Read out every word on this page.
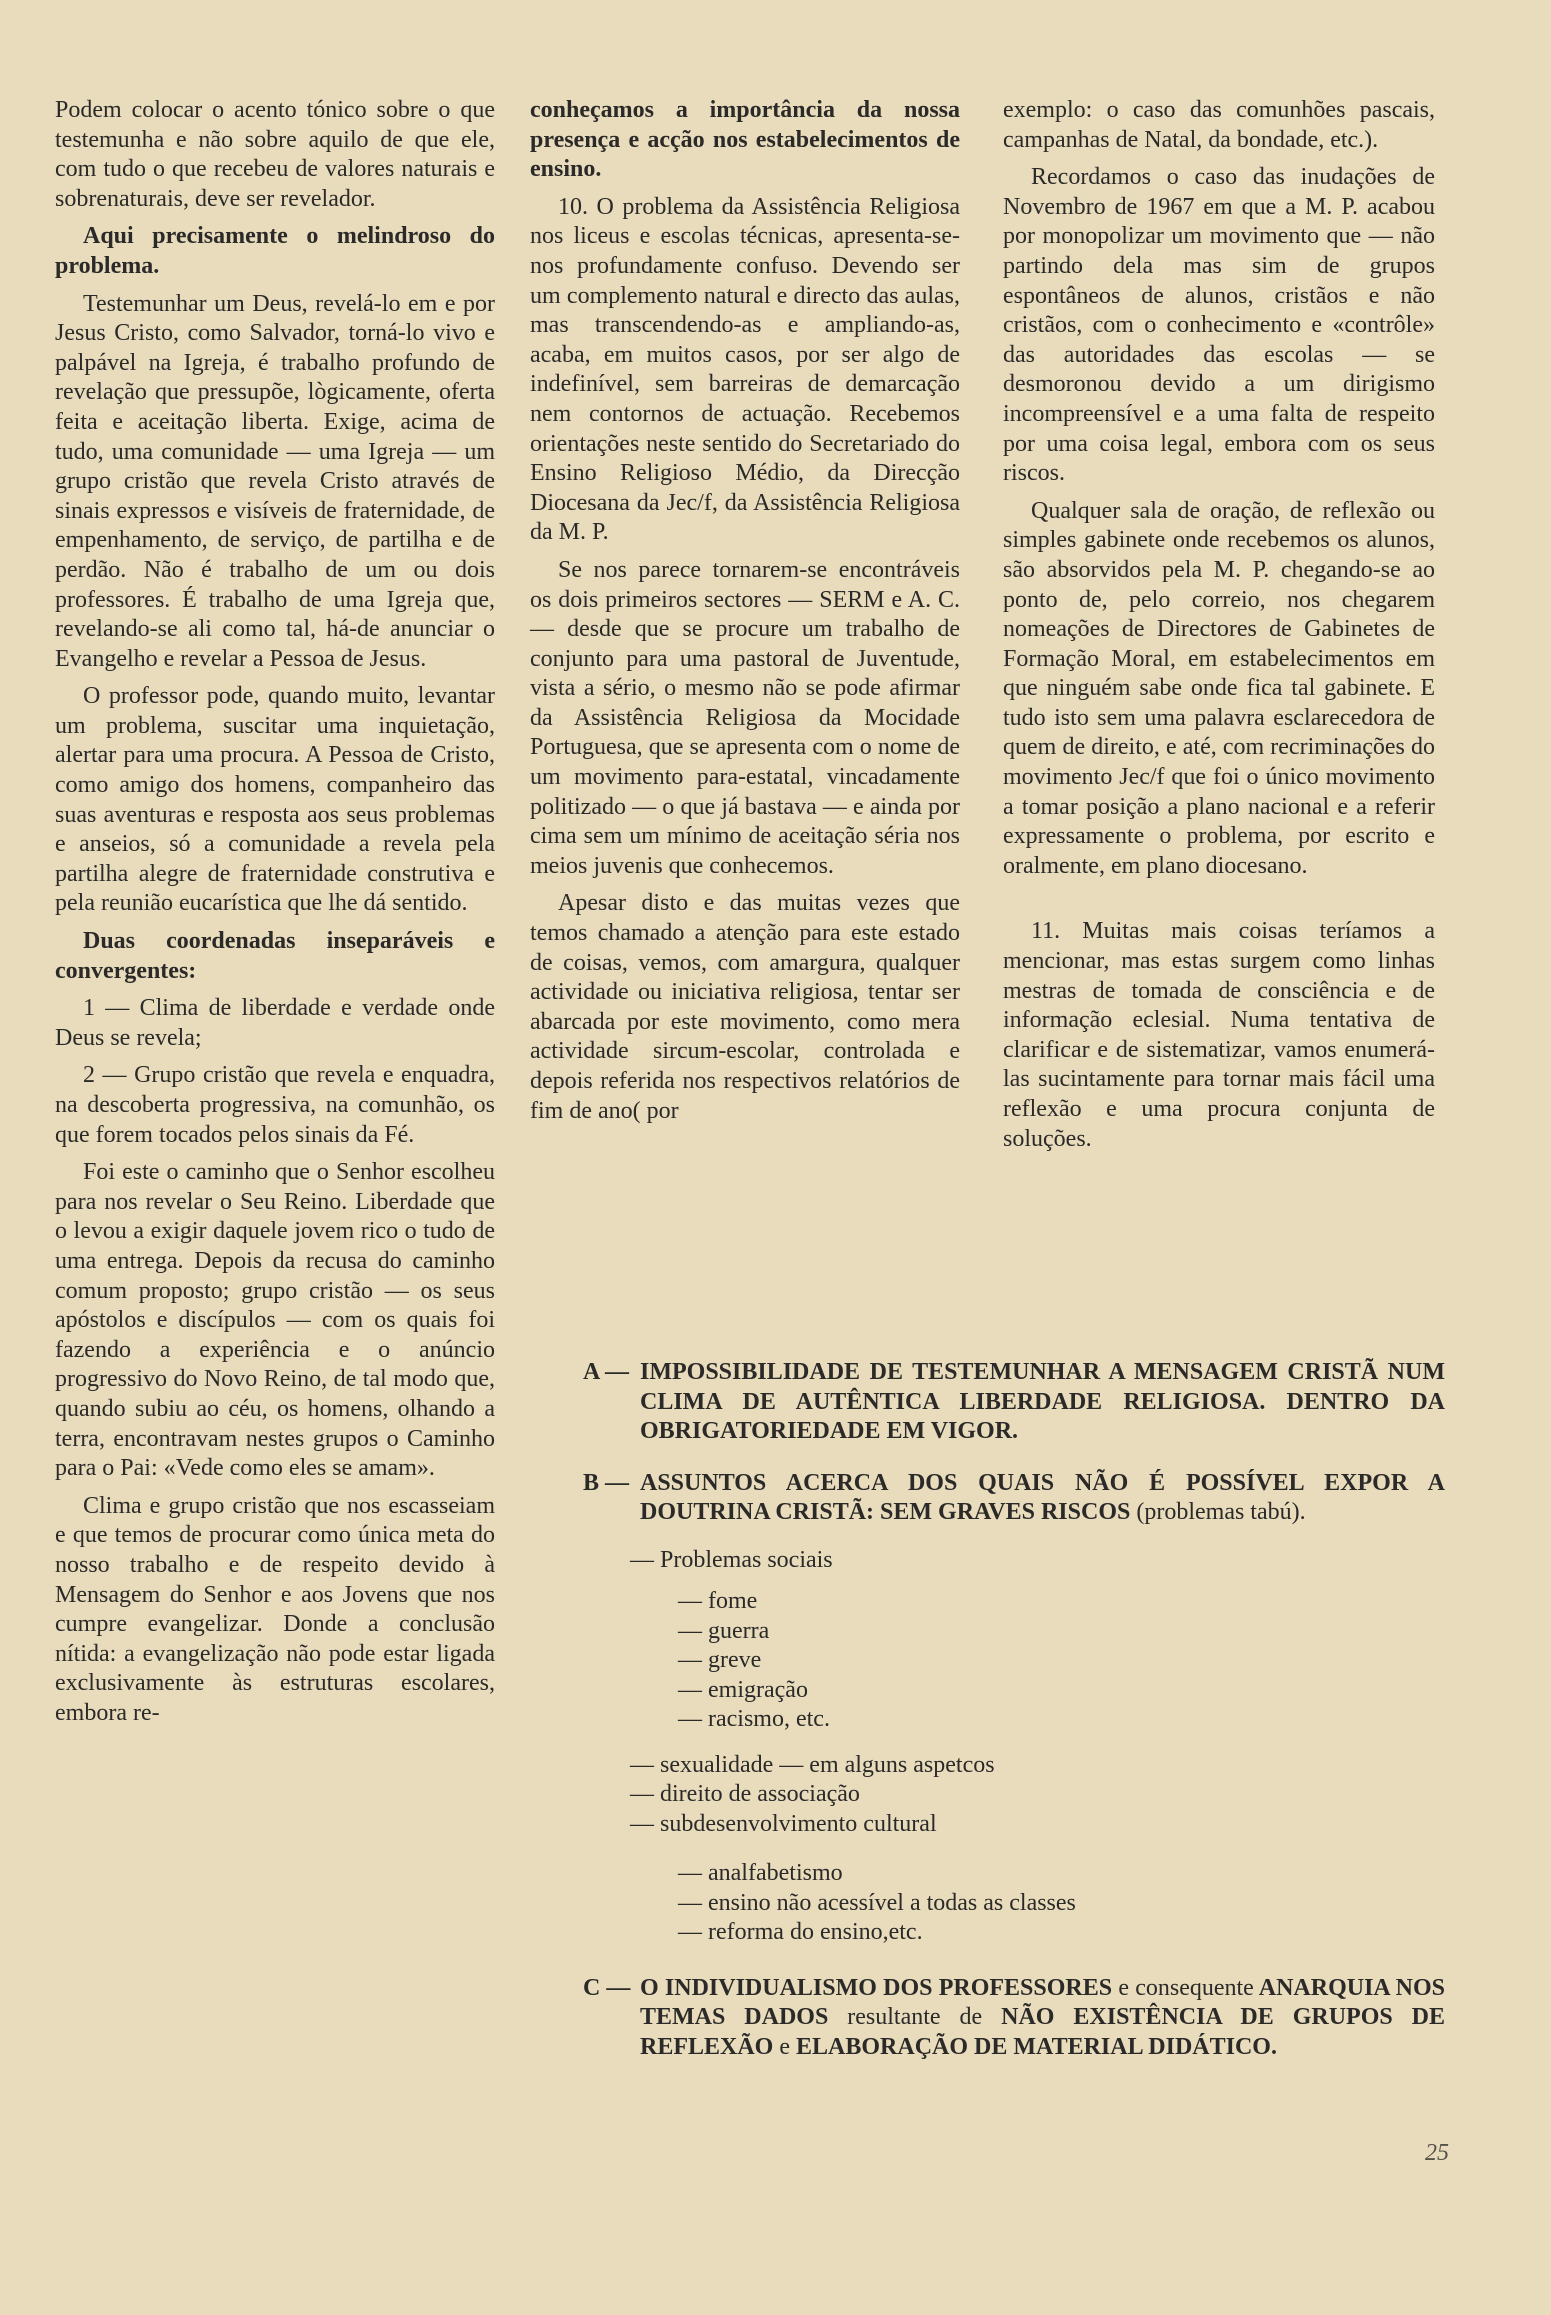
Podem colocar o acento tónico sobre o que testemunha e não sobre aquilo de que ele, com tudo o que recebeu de valores naturais e sobrenaturais, deve ser revelador.

Aqui precisamente o melindroso do problema.

Testemunhar um Deus, revelá-lo em e por Jesus Cristo, como Salvador, torná-lo vivo e palpável na Igreja, é trabalho profundo de revelação que pressupõe, lògicamente, oferta feita e aceitação liberta. Exige, acima de tudo, uma comunidade — uma Igreja — um grupo cristão que revela Cristo através de sinais expressos e visíveis de fraternidade, de empenhamento, de serviço, de partilha e de perdão. Não é trabalho de um ou dois professores. É trabalho de uma Igreja que, revelando-se ali como tal, há-de anunciar o Evangelho e revelar a Pessoa de Jesus.

O professor pode, quando muito, levantar um problema, suscitar uma inquietação, alertar para uma procura. A Pessoa de Cristo, como amigo dos homens, companheiro das suas aventuras e resposta aos seus problemas e anseios, só a comunidade a revela pela partilha alegre de fraternidade construtiva e pela reunião eucarística que lhe dá sentido.

Duas coordenadas inseparáveis e convergentes:

1 — Clima de liberdade e verdade onde Deus se revela;

2 — Grupo cristão que revela e enquadra, na descoberta progressiva, na comunhão, os que forem tocados pelos sinais da Fé.

Foi este o caminho que o Senhor escolheu para nos revelar o Seu Reino. Liberdade que o levou a exigir daquele jovem rico o tudo de uma entrega. Depois da recusa do caminho comum proposto; grupo cristão — os seus apóstolos e discípulos — com os quais foi fazendo a experiência e o anúncio progressivo do Novo Reino, de tal modo que, quando subiu ao céu, os homens, olhando a terra, encontravam nestes grupos o Caminho para o Pai: «Vede como eles se amam».

Clima e grupo cristão que nos escasseiam e que temos de procurar como única meta do nosso trabalho e de respeito devido à Mensagem do Senhor e aos Jovens que nos cumpre evangelizar. Donde a conclusão nítida: a evangelização não pode estar ligada exclusivamente às estruturas escolares, embora re-

conheçamos a importância da nossa presença e acção nos estabelecimentos de ensino.

10. O problema da Assistência Religiosa nos liceus e escolas técnicas, apresenta-se-nos profundamente confuso. Devendo ser um complemento natural e directo das aulas, mas transcendendo-as e ampliando-as, acaba, em muitos casos, por ser algo de indefinível, sem barreiras de demarcação nem contornos de actuação. Recebemos orientações neste sentido do Secretariado do Ensino Religioso Médio, da Direcção Diocesana da Jec/f, da Assistência Religiosa da M. P.

Se nos parece tornarem-se encontráveis os dois primeiros sectores — SERM e A. C. — desde que se procure um trabalho de conjunto para uma pastoral de Juventude, vista a sério, o mesmo não se pode afirmar da Assistência Religiosa da Mocidade Portuguesa, que se apresenta com o nome de um movimento para-estatal, vincadamente politizado — o que já bastava — e ainda por cima sem um mínimo de aceitação séria nos meios juvenis que conhecemos.

Apesar disto e das muitas vezes que temos chamado a atenção para este estado de coisas, vemos, com amargura, qualquer actividade ou iniciativa religiosa, tentar ser abarcada por este movimento, como mera actividade sircum-escolar, controlada e depois referida nos respectivos relatórios de fim de ano( por

exemplo: o caso das comunhões pascais, campanhas de Natal, da bondade, etc.).

Recordamos o caso das inudações de Novembro de 1967 em que a M. P. acabou por monopolizar um movimento que — não partindo dela mas sim de grupos espontâneos de alunos, cristãos e não cristãos, com o conhecimento e «contrôle» das autoridades das escolas — se desmoronou devido a um dirigismo incompreensível e a uma falta de respeito por uma coisa legal, embora com os seus riscos.

Qualquer sala de oração, de reflexão ou simples gabinete onde recebemos os alunos, são absorvidos pela M. P. chegando-se ao ponto de, pelo correio, nos chegarem nomeações de Directores de Gabinetes de Formação Moral, em estabelecimentos em que ninguém sabe onde fica tal gabinete. E tudo isto sem uma palavra esclarecedora de quem de direito, e até, com recriminações do movimento Jec/f que foi o único movimento a tomar posição a plano nacional e a referir expressamente o problema, por escrito e oralmente, em plano diocesano.

11. Muitas mais coisas teríamos a mencionar, mas estas surgem como linhas mestras de tomada de consciência e de informação eclesial. Numa tentativa de clarificar e de sistematizar, vamos enumerá-las sucintamente para tornar mais fácil uma reflexão e uma procura conjunta de soluções.

A — IMPOSSIBILIDADE DE TESTEMUNHAR A MENSAGEM CRISTÃ NUM CLIMA DE AUTÊNTICA LIBERDADE RELIGIOSA. DENTRO DA OBRIGATORIEDADE EM VIGOR.
B — ASSUNTOS ACERCA DOS QUAIS NÃO É POSSÍVEL EXPOR A DOUTRINA CRISTÃ: SEM GRAVES RISCOS (problemas tabú).
— Problemas sociais
— fome
— guerra
— greve
— emigração
— racismo, etc.
— sexualidade — em alguns aspetcos
— direito de associação
— subdesenvolvimento cultural
— analfabetismo
— ensino não acessível a todas as classes
— reforma do ensino,etc.
C — O INDIVIDUALISMO DOS PROFESSORES e consequente ANARQUIA NOS TEMAS DADOS resultante de NÃO EXISTÊNCIA DE GRUPOS DE REFLEXÃO e ELABORAÇÃO DE MATERIAL DIDÁTICO.
25
